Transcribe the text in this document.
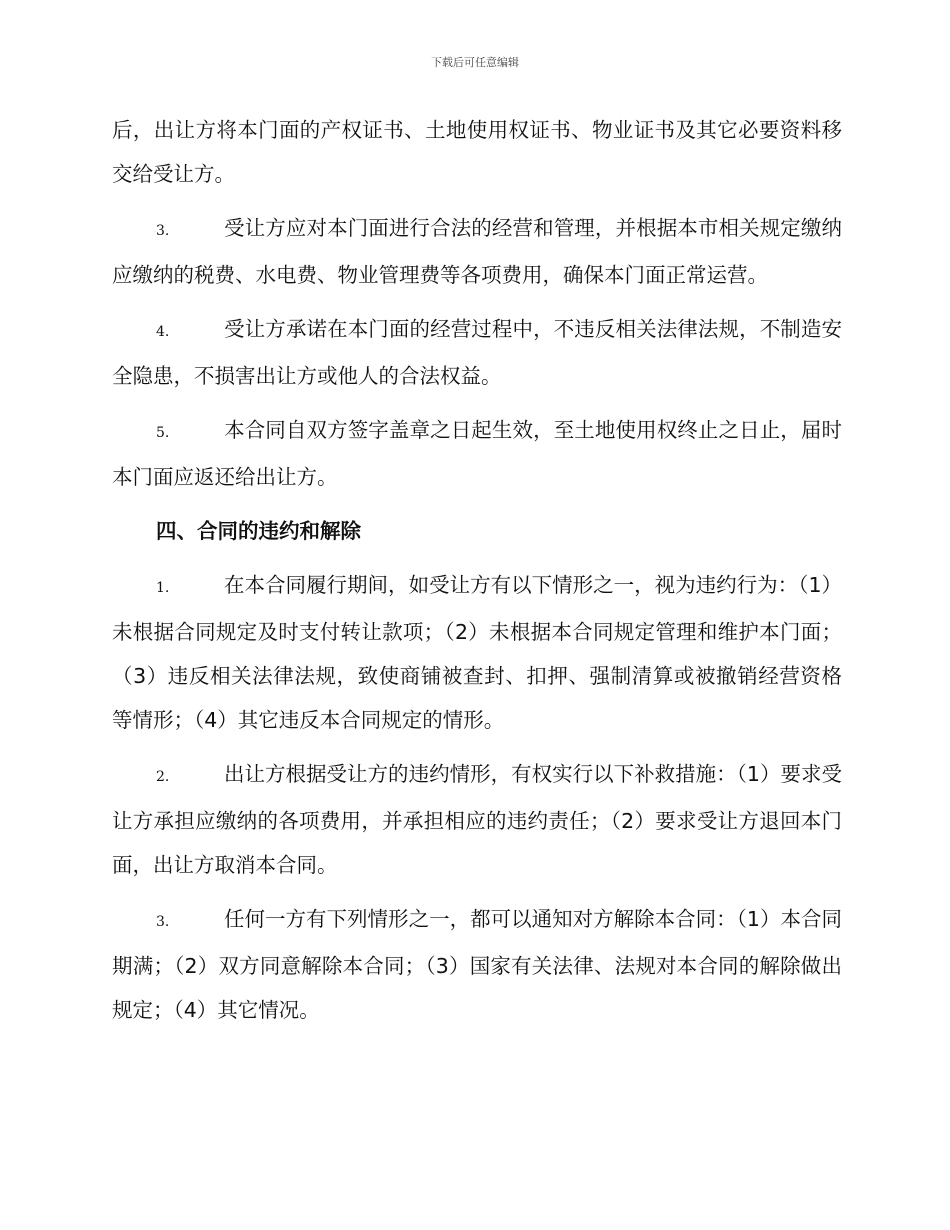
下载后可任意编辑

后，出让方将本门面的产权证书、土地使用权证书、物业证书及其它必要资料移交给受让方。

3.	受让方应对本门面进行合法的经营和管理，并根据本市相关规定缴纳应缴纳的税费、水电费、物业管理费等各项费用，确保本门面正常运营。

4.	受让方承诺在本门面的经营过程中，不违反相关法律法规，不制造安全隐患，不损害出让方或他人的合法权益。

5.	本合同自双方签字盖章之日起生效，至土地使用权终止之日止，届时本门面应返还给出让方。

四、合同的违约和解除

1.	在本合同履行期间，如受让方有以下情形之一，视为违约行为：（1）未根据合同规定及时支付转让款项；（2）未根据本合同规定管理和维护本门面；（3）违反相关法律法规，致使商铺被查封、扣押、强制清算或被撤销经营资格等情形；（4）其它违反本合同规定的情形。

2.	出让方根据受让方的违约情形，有权实行以下补救措施：（1）要求受让方承担应缴纳的各项费用，并承担相应的违约责任；（2）要求受让方退回本门面，出让方取消本合同。

3.	任何一方有下列情形之一，都可以通知对方解除本合同：（1）本合同期满；（2）双方同意解除本合同；（3）国家有关法律、法规对本合同的解除做出规定；（4）其它情况。
